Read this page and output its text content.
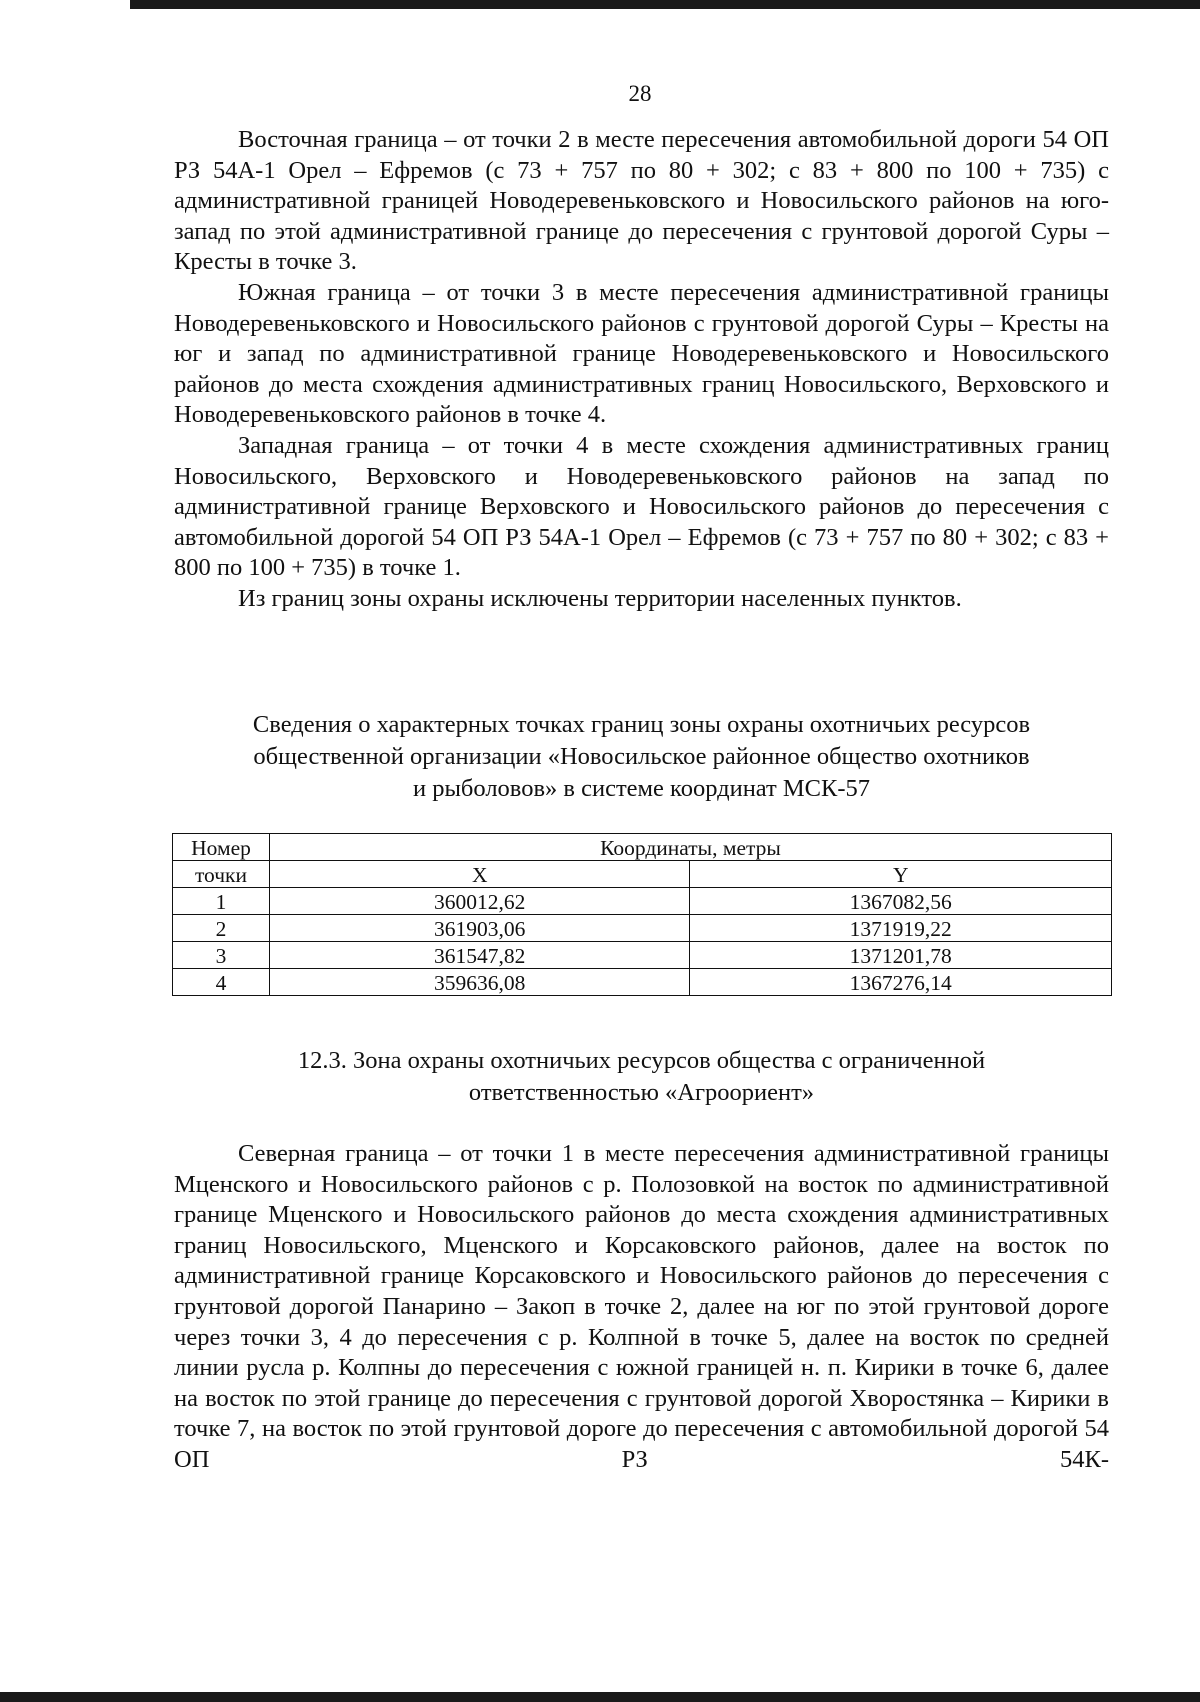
28

Восточная граница – от точки 2 в месте пересечения автомобильной дороги 54 ОП РЗ 54А-1 Орел – Ефремов (с 73 + 757 по 80 + 302; с 83 + 800 по 100 + 735) с административной границей Новодеревеньковского и Новосильского районов на юго-запад по этой административной границе до пересечения с грунтовой дорогой Суры – Кресты в точке 3.

Южная граница – от точки 3 в месте пересечения административной границы Новодеревеньковского и Новосильского районов с грунтовой дорогой Суры – Кресты на юг и запад по административной границе Новодеревеньковского и Новосильского районов до места схождения административных границ Новосильского, Верховского и Новодеревеньковского районов в точке 4.

Западная граница – от точки 4 в месте схождения административных границ Новосильского, Верховского и Новодеревеньковского районов на запад по административной границе Верховского и Новосильского районов до пересечения с автомобильной дорогой 54 ОП РЗ 54А-1 Орел – Ефремов (с 73 + 757 по 80 + 302; с 83 + 800 по 100 + 735) в точке 1.

Из границ зоны охраны исключены территории населенных пунктов.

Сведения о характерных точках границ зоны охраны охотничьих ресурсов
общественной организации «Новосильское районное общество охотников
и рыболовов» в системе координат МСК-57
Номер	Координаты, метры	
точки	X	Y
1	360012,62	1367082,56
2	361903,06	1371919,22
3	361547,82	1371201,78
4	359636,08	1367276,14
12.3. Зона охраны охотничьих ресурсов общества с ограниченной
ответственностью «Агроориент»

Северная граница – от точки 1 в месте пересечения административной границы Мценского и Новосильского районов с р. Полозовкой на восток по административной границе Мценского и Новосильского районов до места схождения административных границ Новосильского, Мценского и Корсаковского районов, далее на восток по административной границе Корсаковского и Новосильского районов до пересечения с грунтовой дорогой Панарино – Закоп в точке 2, далее на юг по этой грунтовой дороге через точки 3, 4 до пересечения с р. Колпной в точке 5, далее на восток по средней линии русла р. Колпны до пересечения с южной границей н. п. Кирики в точке 6, далее на восток по этой границе до пересечения с грунтовой дорогой Хворостянка – Кирики в точке 7, на восток по этой грунтовой дороге до пересечения с автомобильной дорогой 54 ОП РЗ 54К-
